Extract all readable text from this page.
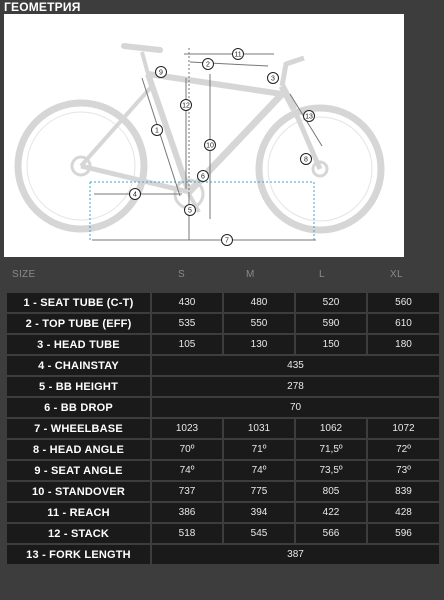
ГЕОМЕТРИЯ
1
2
3
4
5
6
7
8
9
10
11
12
13
SIZE	S	M	L	XL
1 - SEAT TUBE (C-T)	430	480	520	560
2 - TOP TUBE (EFF)	535	550	590	610
3 - HEAD TUBE	105	130	150	180
4 - CHAINSTAY	435			
5 - BB HEIGHT	278			
6 - BB DROP	70			
7 - WHEELBASE	1023	1031	1062	1072
8 - HEAD ANGLE	70º	71º	71,5º	72º
9 - SEAT ANGLE	74º	74º	73,5º	73º
10 - STANDOVER	737	775	805	839
11 - REACH	386	394	422	428
12 - STACK	518	545	566	596
13 - FORK LENGTH	387			
